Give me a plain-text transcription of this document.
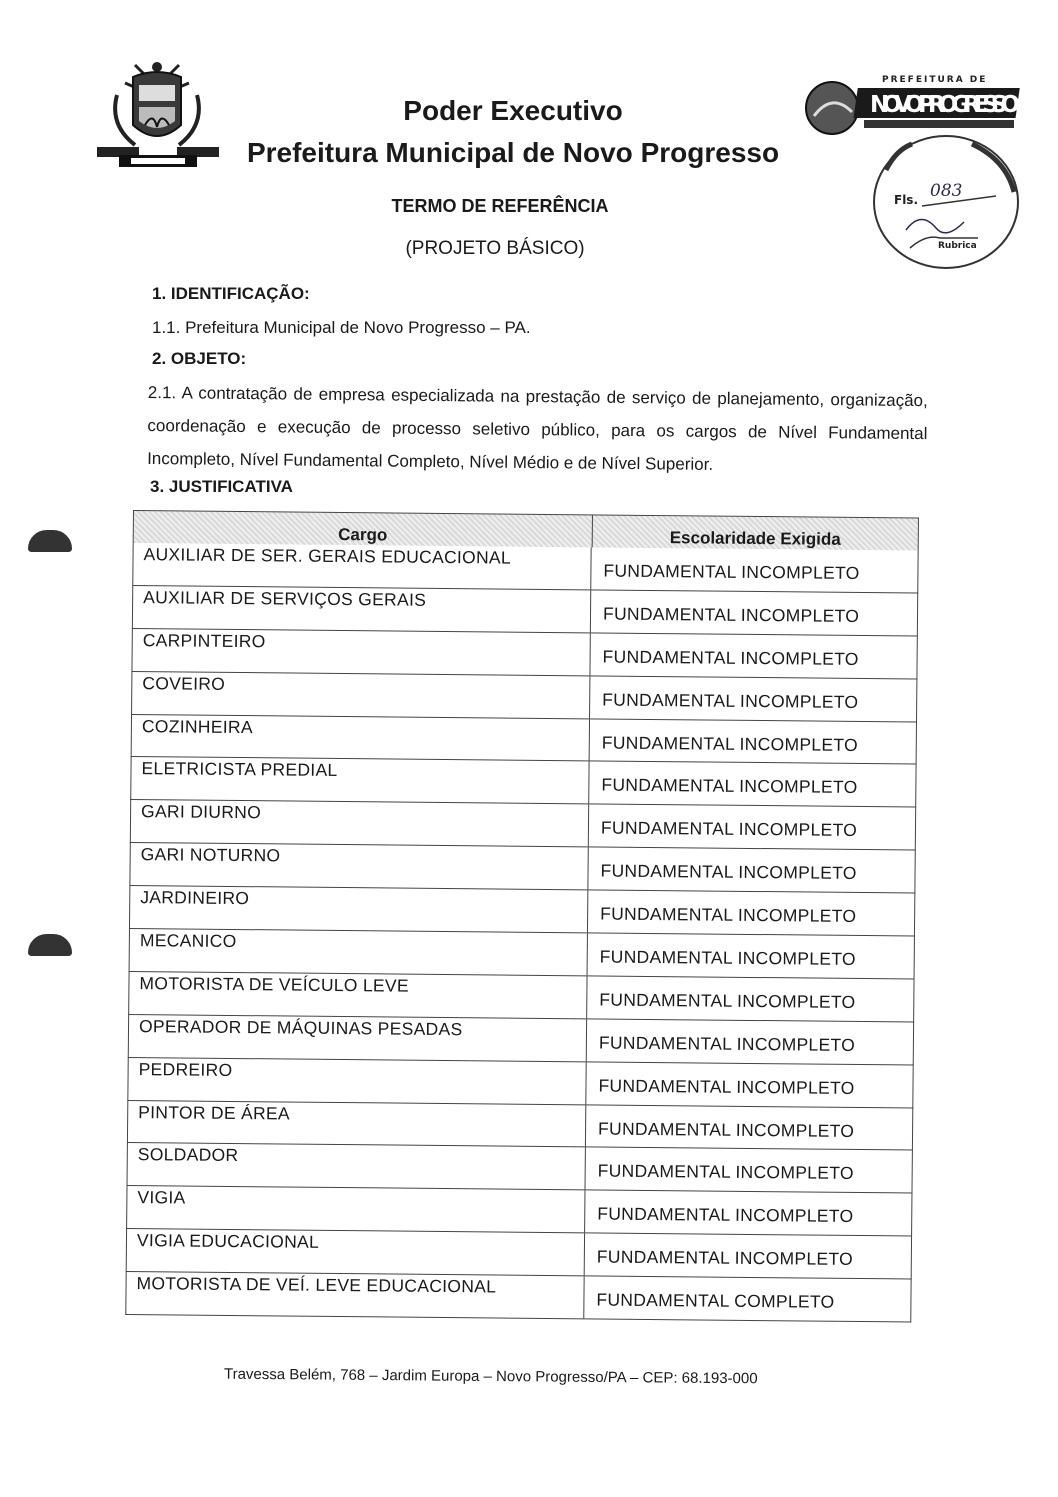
PREFEITURA DE
NOVO PROGRESSO
Fls. 083
Rubrica
Poder Executivo
Prefeitura Municipal de Novo Progresso
TERMO DE REFERÊNCIA
(PROJETO BÁSICO)
1. IDENTIFICAÇÃO:
1.1. Prefeitura Municipal de Novo Progresso – PA.
2. OBJETO:
2.1. A contratação de empresa especializada na prestação de serviço de planejamento, organização, coordenação e execução de processo seletivo público, para os cargos de Nível Fundamental Incompleto, Nível Fundamental Completo, Nível Médio e de Nível Superior.
3. JUSTIFICATIVA
Cargo	Escolaridade Exigida
AUXILIAR DE SER. GERAIS EDUCACIONAL
FUNDAMENTAL INCOMPLETO
AUXILIAR DE SERVIÇOS GERAIS
FUNDAMENTAL INCOMPLETO
CARPINTEIRO
FUNDAMENTAL INCOMPLETO
COVEIRO
FUNDAMENTAL INCOMPLETO
COZINHEIRA
FUNDAMENTAL INCOMPLETO
ELETRICISTA PREDIAL
FUNDAMENTAL INCOMPLETO
GARI DIURNO
FUNDAMENTAL INCOMPLETO
GARI NOTURNO
FUNDAMENTAL INCOMPLETO
JARDINEIRO
FUNDAMENTAL INCOMPLETO
MECANICO
FUNDAMENTAL INCOMPLETO
MOTORISTA DE VEÍCULO LEVE
FUNDAMENTAL INCOMPLETO
OPERADOR DE MÁQUINAS PESADAS
FUNDAMENTAL INCOMPLETO
PEDREIRO
FUNDAMENTAL INCOMPLETO
PINTOR DE ÁREA
FUNDAMENTAL INCOMPLETO
SOLDADOR
FUNDAMENTAL INCOMPLETO
VIGIA
FUNDAMENTAL INCOMPLETO
VIGIA EDUCACIONAL
FUNDAMENTAL INCOMPLETO
MOTORISTA DE VEÍ. LEVE EDUCACIONAL
FUNDAMENTAL COMPLETO
Travessa Belém, 768 – Jardim Europa – Novo Progresso/PA – CEP: 68.193-000
